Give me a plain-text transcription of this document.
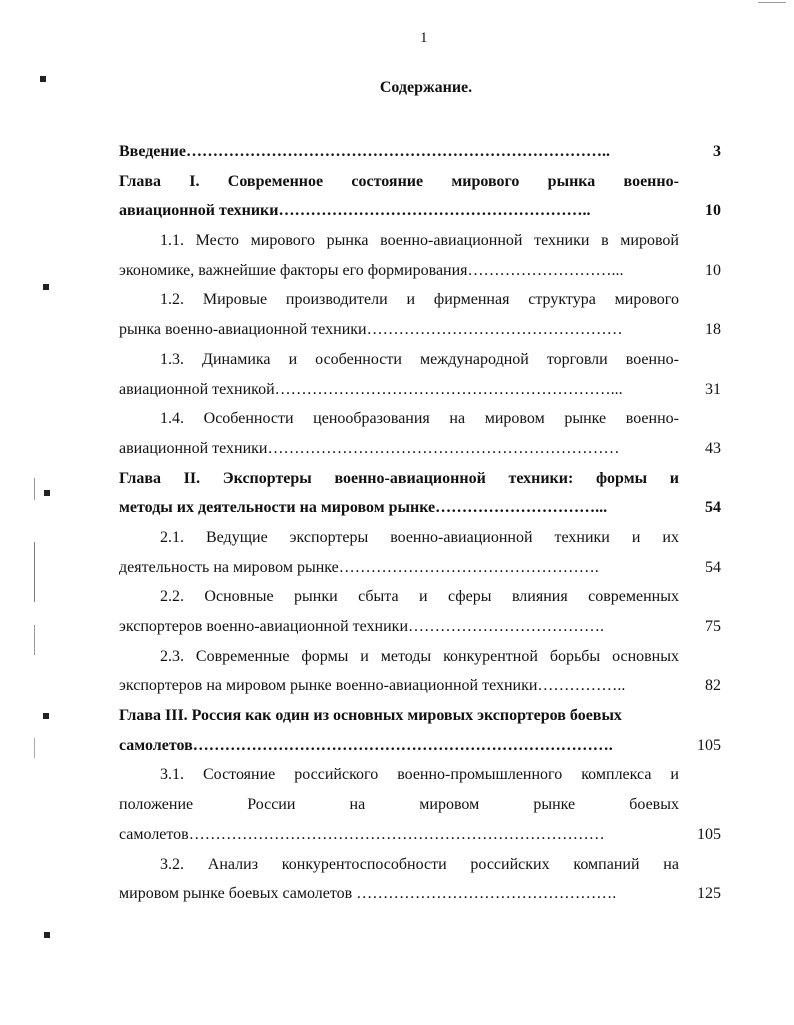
1
Содержание.
Введение……………………………………………………………………..	3
Глава I. Современное состояние мирового рынка военно-
авиационной техники…………………………………………………..	10
1.1. Место мирового рынка военно-авиационной техники в мировой
экономике, важнейшие факторы его формирования………………………...	10
1.2. Мировые производители и фирменная структура мирового
рынка военно-авиационной техники…………………………………………	18
1.3. Динамика и особенности международной торговли военно-
авиационной техникой………………………………………………………...	31
1.4. Особенности ценообразования на мировом рынке военно-
авиационной техники…………………………………………………………	43
Глава II. Экспортеры военно-авиационной техники: формы и
методы их деятельности на мировом рынке…………………………...	54
2.1. Ведущие экспортеры военно-авиационной техники и их
деятельность на мировом рынке………………………………………….	54
2.2. Основные рынки сбыта и сферы влияния современных
экспортеров военно-авиационной техники……………………………….	75
2.3. Современные формы и методы конкурентной борьбы основных
экспортеров на мировом рынке военно-авиационной техники……………..	82
Глава III. Россия как один из основных мировых экспортеров боевых
самолетов…………………………………………………………………….	105
3.1. Состояние российского военно-промышленного комплекса и
положение	России	на	мировом	рынке	боевых
самолетов……………………………………………………………………	105
3.2. Анализ конкурентоспособности российских компаний на
мировом рынке боевых самолетов ………………………………………….	125
